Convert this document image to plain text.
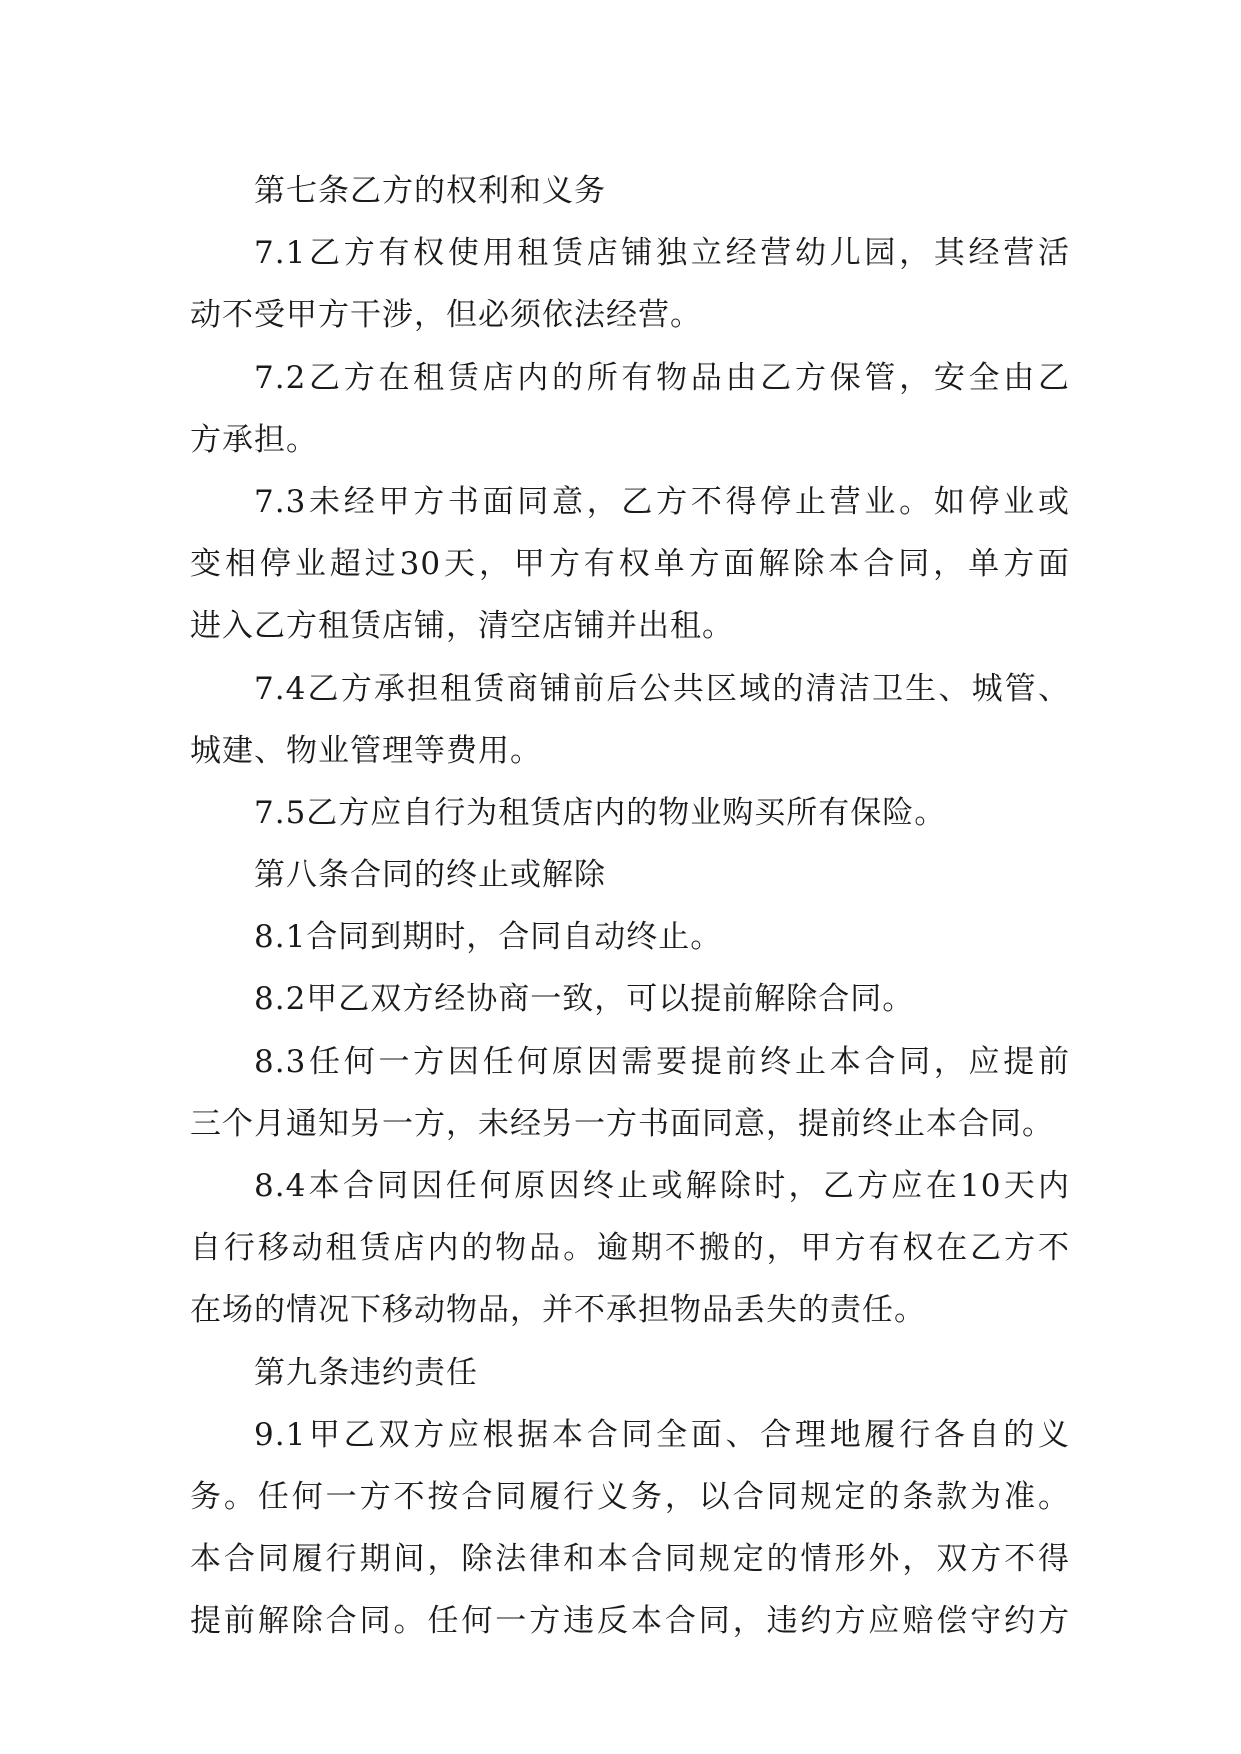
第七条乙方的权利和义务
7.1乙方有权使用租赁店铺独立经营幼儿园，其经营活
动不受甲方干涉，但必须依法经营。
7.2乙方在租赁店内的所有物品由乙方保管，安全由乙
方承担。
7.3未经甲方书面同意，乙方不得停止营业。如停业或
变相停业超过30天，甲方有权单方面解除本合同，单方面
进入乙方租赁店铺，清空店铺并出租。
7.4乙方承担租赁商铺前后公共区域的清洁卫生、城管、
城建、物业管理等费用。
7.5乙方应自行为租赁店内的物业购买所有保险。
第八条合同的终止或解除
8.1合同到期时，合同自动终止。
8.2甲乙双方经协商一致，可以提前解除合同。
8.3任何一方因任何原因需要提前终止本合同，应提前
三个月通知另一方，未经另一方书面同意，提前终止本合同。
8.4本合同因任何原因终止或解除时，乙方应在10天内
自行移动租赁店内的物品。逾期不搬的，甲方有权在乙方不
在场的情况下移动物品，并不承担物品丢失的责任。
第九条违约责任
9.1甲乙双方应根据本合同全面、合理地履行各自的义
务。任何一方不按合同履行义务，以合同规定的条款为准。
本合同履行期间，除法律和本合同规定的情形外，双方不得
提前解除合同。任何一方违反本合同，违约方应赔偿守约方
